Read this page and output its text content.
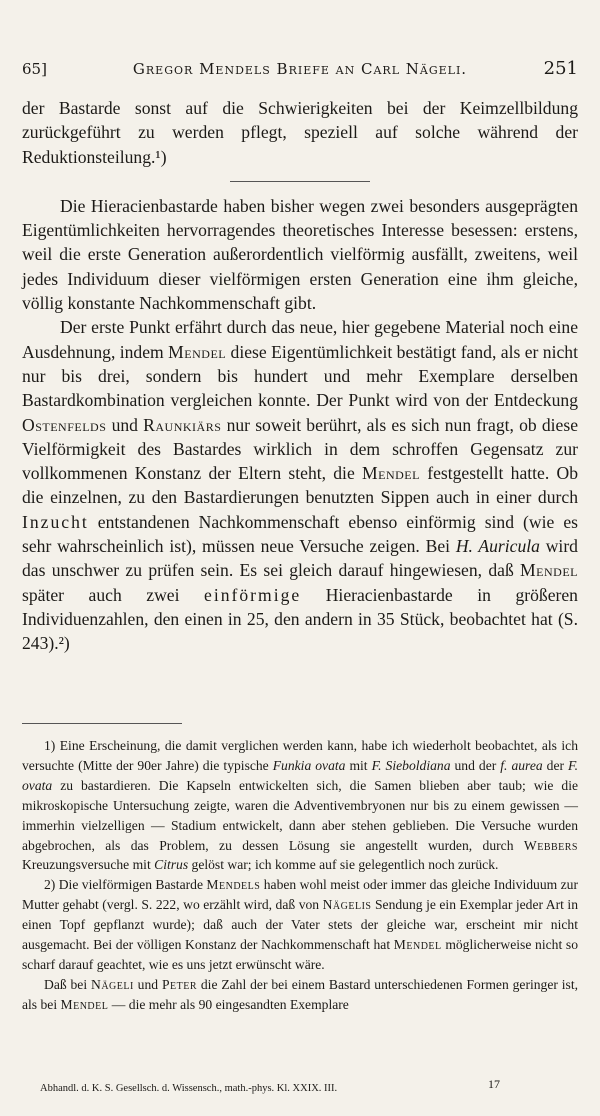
65]	Gregor Mendels Briefe an Carl Nägeli.	251

der Bastarde sonst auf die Schwierigkeiten bei der Keimzellbildung zurückgeführt zu werden pflegt, speziell auf solche während der Reduktionsteilung.¹)

Die Hieracienbastarde haben bisher wegen zwei besonders ausgeprägten Eigentümlichkeiten hervorragendes theoretisches Interesse besessen: erstens, weil die erste Generation außerordentlich vielförmig ausfällt, zweitens, weil jedes Individuum dieser vielförmigen ersten Generation eine ihm gleiche, völlig konstante Nachkommenschaft gibt.

Der erste Punkt erfährt durch das neue, hier gegebene Material noch eine Ausdehnung, indem Mendel diese Eigentümlichkeit bestätigt fand, als er nicht nur bis drei, sondern bis hundert und mehr Exemplare derselben Bastardkombination vergleichen konnte. Der Punkt wird von der Entdeckung Ostenfelds und Raunkiärs nur soweit berührt, als es sich nun fragt, ob diese Vielförmigkeit des Bastardes wirklich in dem schroffen Gegensatz zur vollkommenen Konstanz der Eltern steht, die Mendel festgestellt hatte. Ob die einzelnen, zu den Bastardierungen benutzten Sippen auch in einer durch Inzucht entstandenen Nachkommenschaft ebenso einförmig sind (wie es sehr wahrscheinlich ist), müssen neue Versuche zeigen. Bei H. Auricula wird das unschwer zu prüfen sein. Es sei gleich darauf hingewiesen, daß Mendel später auch zwei einförmige Hieracienbastarde in größeren Individuenzahlen, den einen in 25, den andern in 35 Stück, beobachtet hat (S. 243).²)

1) Eine Erscheinung, die damit verglichen werden kann, habe ich wiederholt beobachtet, als ich versuchte (Mitte der 90er Jahre) die typische Funkia ovata mit F. Sieboldiana und der f. aurea der F. ovata zu bastardieren. Die Kapseln entwickelten sich, die Samen blieben aber taub; wie die mikroskopische Untersuchung zeigte, waren die Adventivembryonen nur bis zu einem gewissen — immerhin vielzelligen — Stadium entwickelt, dann aber stehen geblieben. Die Versuche wurden abgebrochen, als das Problem, zu dessen Lösung sie angestellt wurden, durch Webbers Kreuzungsversuche mit Citrus gelöst war; ich komme auf sie gelegentlich noch zurück.

2) Die vielförmigen Bastarde Mendels haben wohl meist oder immer das gleiche Individuum zur Mutter gehabt (vergl. S. 222, wo erzählt wird, daß von Nägelis Sendung je ein Exemplar jeder Art in einen Topf gepflanzt wurde); daß auch der Vater stets der gleiche war, erscheint mir nicht ausgemacht. Bei der völligen Konstanz der Nachkommenschaft hat Mendel möglicherweise nicht so scharf darauf geachtet, wie es uns jetzt erwünscht wäre.

Daß bei Nägeli und Peter die Zahl der bei einem Bastard unterschiedenen Formen geringer ist, als bei Mendel — die mehr als 90 eingesandten Exemplare

Abhandl. d. K. S. Gesellsch. d. Wissensch., math.-phys. Kl. XXIX. III.	17
